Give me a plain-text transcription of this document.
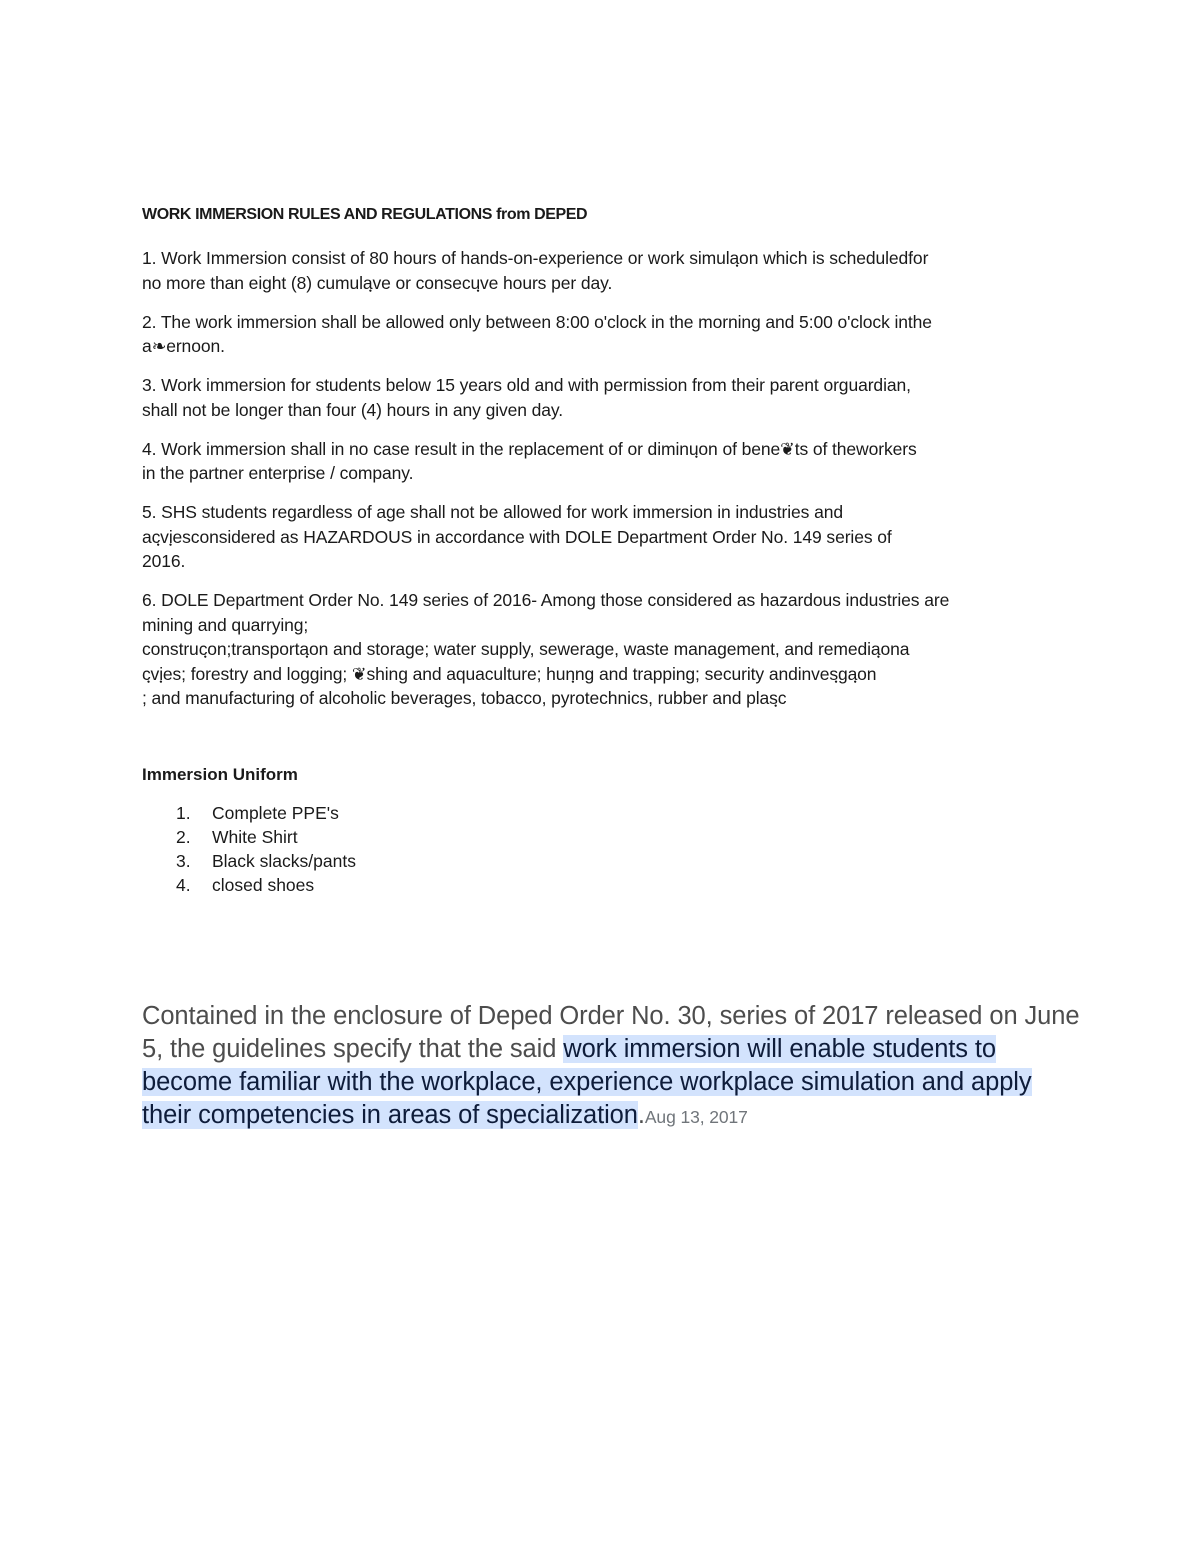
WORK IMMERSION RULES AND REGULATIONS from DEPED
1. Work Immersion consist of 80 hours of hands-on-experience or work simulaฺon which is scheduledfor
no more than eight (8) cumulaฺve or consecuฺve hours per day.
2. The work immersion shall be allowed only between 8:00 o'clock in the morning and 5:00 o'clock inthe
a❧ernoon.
3. Work immersion for students below 15 years old and with permission from their parent orguardian,
shall not be longer than four (4) hours in any given day.
4. Work immersion shall in no case result in the replacement of or diminuฺon of bene❦ts of theworkers
in the partner enterprise / company.
5. SHS students regardless of age shall not be allowed for work immersion in industries and
acฺviฺesconsidered as HAZARDOUS in accordance with DOLE Department Order No. 149 series of
2016.
6. DOLE Department Order No. 149 series of 2016- Among those considered as hazardous industries are
mining and quarrying;
construcฺon;transportaฺon and storage; water supply, sewerage, waste management, and remediaฺona
cฺviฺes; forestry and logging; ❦shing and aquaculture; hunฺng and trapping; security andinvesฺgaฺon
; and manufacturing of alcoholic beverages, tobacco, pyrotechnics, rubber and plasฺc
Immersion Uniform
1. Complete PPE's
2. White Shirt
3. Black slacks/pants
4. closed shoes
Contained in the enclosure of Deped Order No. 30, series of 2017 released on June 5, the guidelines specify that the said work immersion will enable students to become familiar with the workplace, experience workplace simulation and apply their competencies in areas of specialization.Aug 13, 2017
